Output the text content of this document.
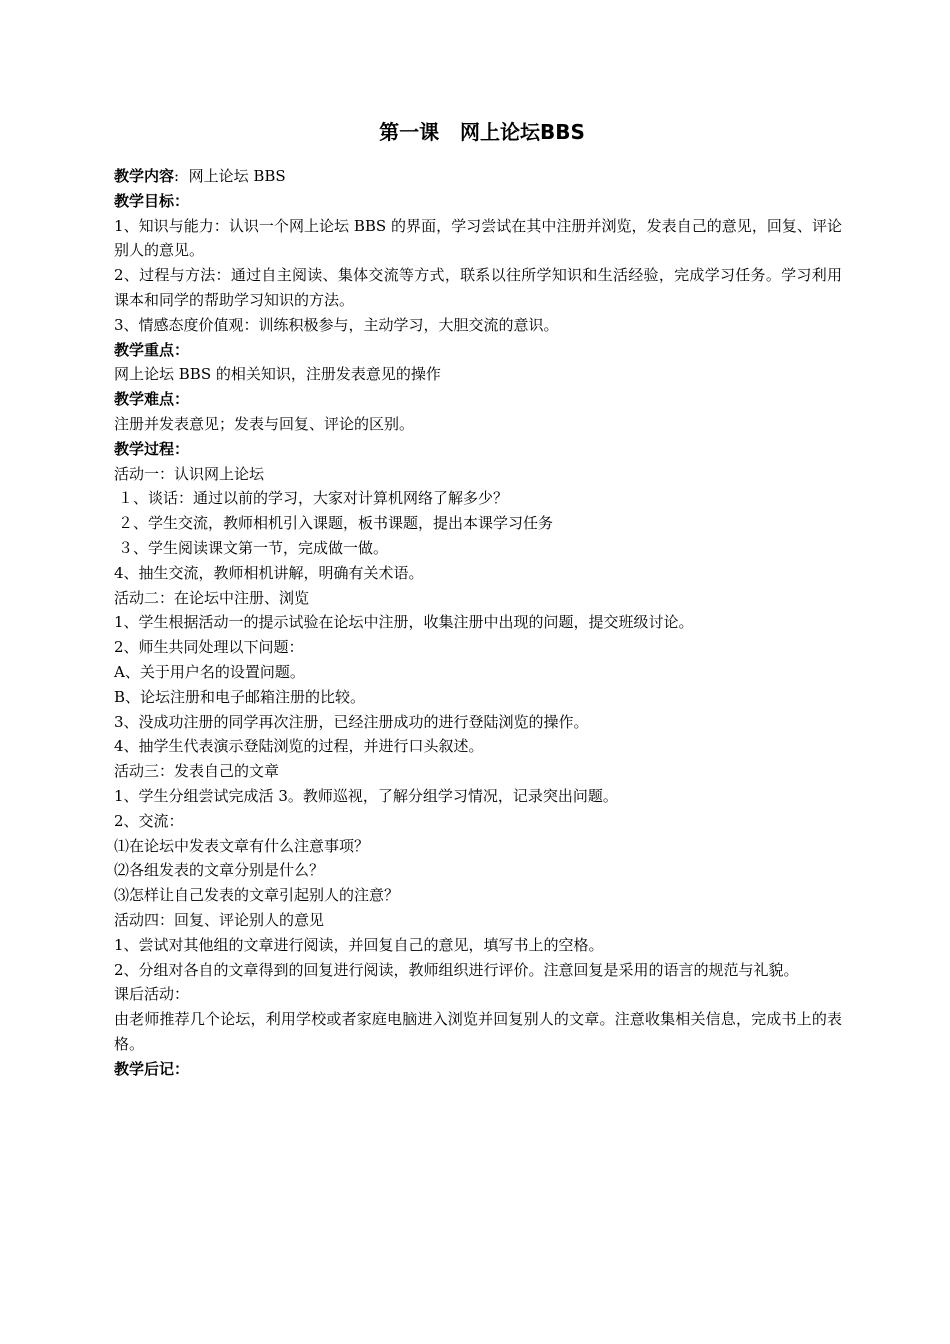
第一课   网上论坛BBS
教学内容:  网上论坛 BBS
教学目标：
1、知识与能力：认识一个网上论坛 BBS 的界面，学习尝试在其中注册并浏览，发表自己的意见，回复、评论别人的意见。
2、过程与方法：通过自主阅读、集体交流等方式，联系以往所学知识和生活经验，完成学习任务。学习利用课本和同学的帮助学习知识的方法。
3、情感态度价值观：训练积极参与，主动学习，大胆交流的意识。
教学重点：
网上论坛 BBS 的相关知识，注册发表意见的操作
教学难点：
注册并发表意见；发表与回复、评论的区别。
教学过程：
活动一：认识网上论坛
１、谈话：通过以前的学习，大家对计算机网络了解多少？
２、学生交流，教师相机引入课题，板书课题，提出本课学习任务
３、学生阅读课文第一节，完成做一做。
4、抽生交流，教师相机讲解，明确有关术语。
活动二：在论坛中注册、浏览
1、学生根据活动一的提示试验在论坛中注册，收集注册中出现的问题，提交班级讨论。
2、师生共同处理以下问题：
A、关于用户名的设置问题。
B、论坛注册和电子邮箱注册的比较。
3、没成功注册的同学再次注册，已经注册成功的进行登陆浏览的操作。
4、抽学生代表演示登陆浏览的过程，并进行口头叙述。
活动三：发表自己的文章
1、学生分组尝试完成活 3。教师巡视，了解分组学习情况，记录突出问题。
2、交流：
⑴在论坛中发表文章有什么注意事项？
⑵各组发表的文章分别是什么？
⑶怎样让自己发表的文章引起别人的注意？
活动四：回复、评论别人的意见
1、尝试对其他组的文章进行阅读，并回复自己的意见，填写书上的空格。
2、分组对各自的文章得到的回复进行阅读，教师组织进行评价。注意回复是采用的语言的规范与礼貌。
课后活动：
由老师推荐几个论坛，利用学校或者家庭电脑进入浏览并回复别人的文章。注意收集相关信息，完成书上的表格。
教学后记：
